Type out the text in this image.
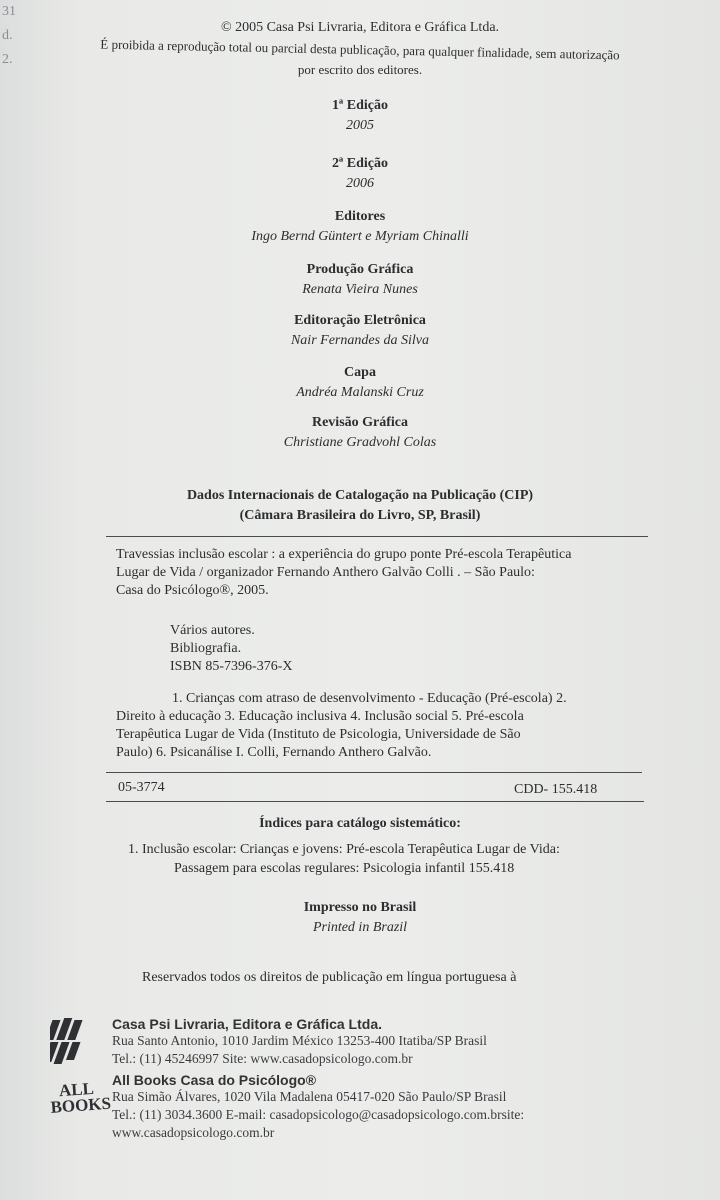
31
d.
2.
© 2005 Casa Psi Livraria, Editora e Gráfica Ltda.
É proibida a reprodução total ou parcial desta publicação, para qualquer finalidade, sem autorização
por escrito dos editores.
1ª Edição
2005
2ª Edição
2006
Editores
Ingo Bernd Güntert e Myriam Chinalli
Produção Gráfica
Renata Vieira Nunes
Editoração Eletrônica
Nair Fernandes da Silva
Capa
Andréa Malanski Cruz
Revisão Gráfica
Christiane Gradvohl Colas
Dados Internacionais de Catalogação na Publicação (CIP)
(Câmara Brasileira do Livro, SP, Brasil)

Travessias inclusão escolar : a experiência do grupo ponte Pré-escola Terapêutica

Lugar de Vida / organizador Fernando Anthero Galvão Colli . – São Paulo:

Casa do Psicólogo®, 2005.

Vários autores.

Bibliografia.

ISBN 85-7396-376-X

1. Crianças com atraso de desenvolvimento - Educação (Pré-escola) 2.

Direito à educação 3. Educação inclusiva 4. Inclusão social 5. Pré-escola

Terapêutica Lugar de Vida (Instituto de Psicologia, Universidade de São

Paulo) 6. Psicanálise I. Colli, Fernando Anthero Galvão.

05-3774	CDD- 155.418
Índices para catálogo sistemático:
1. Inclusão escolar: Crianças e jovens: Pré-escola Terapêutica Lugar de Vida:
Passagem para escolas regulares: Psicologia infantil 155.418
Impresso no Brasil
Printed in Brazil
Reservados todos os direitos de publicação em língua portuguesa à
Casa Psi Livraria, Editora e Gráfica Ltda.
Rua Santo Antonio, 1010 Jardim México 13253-400 Itatiba/SP Brasil
Tel.: (11) 45246997 Site: www.casadopsicologo.com.br
ALL BOOKS
All Books Casa do Psicólogo®
Rua Simão Álvares, 1020 Vila Madalena 05417-020 São Paulo/SP Brasil
Tel.: (11) 3034.3600 E-mail: casadopsicologo@casadopsicologo.com.brsite:
www.casadopsicologo.com.br
